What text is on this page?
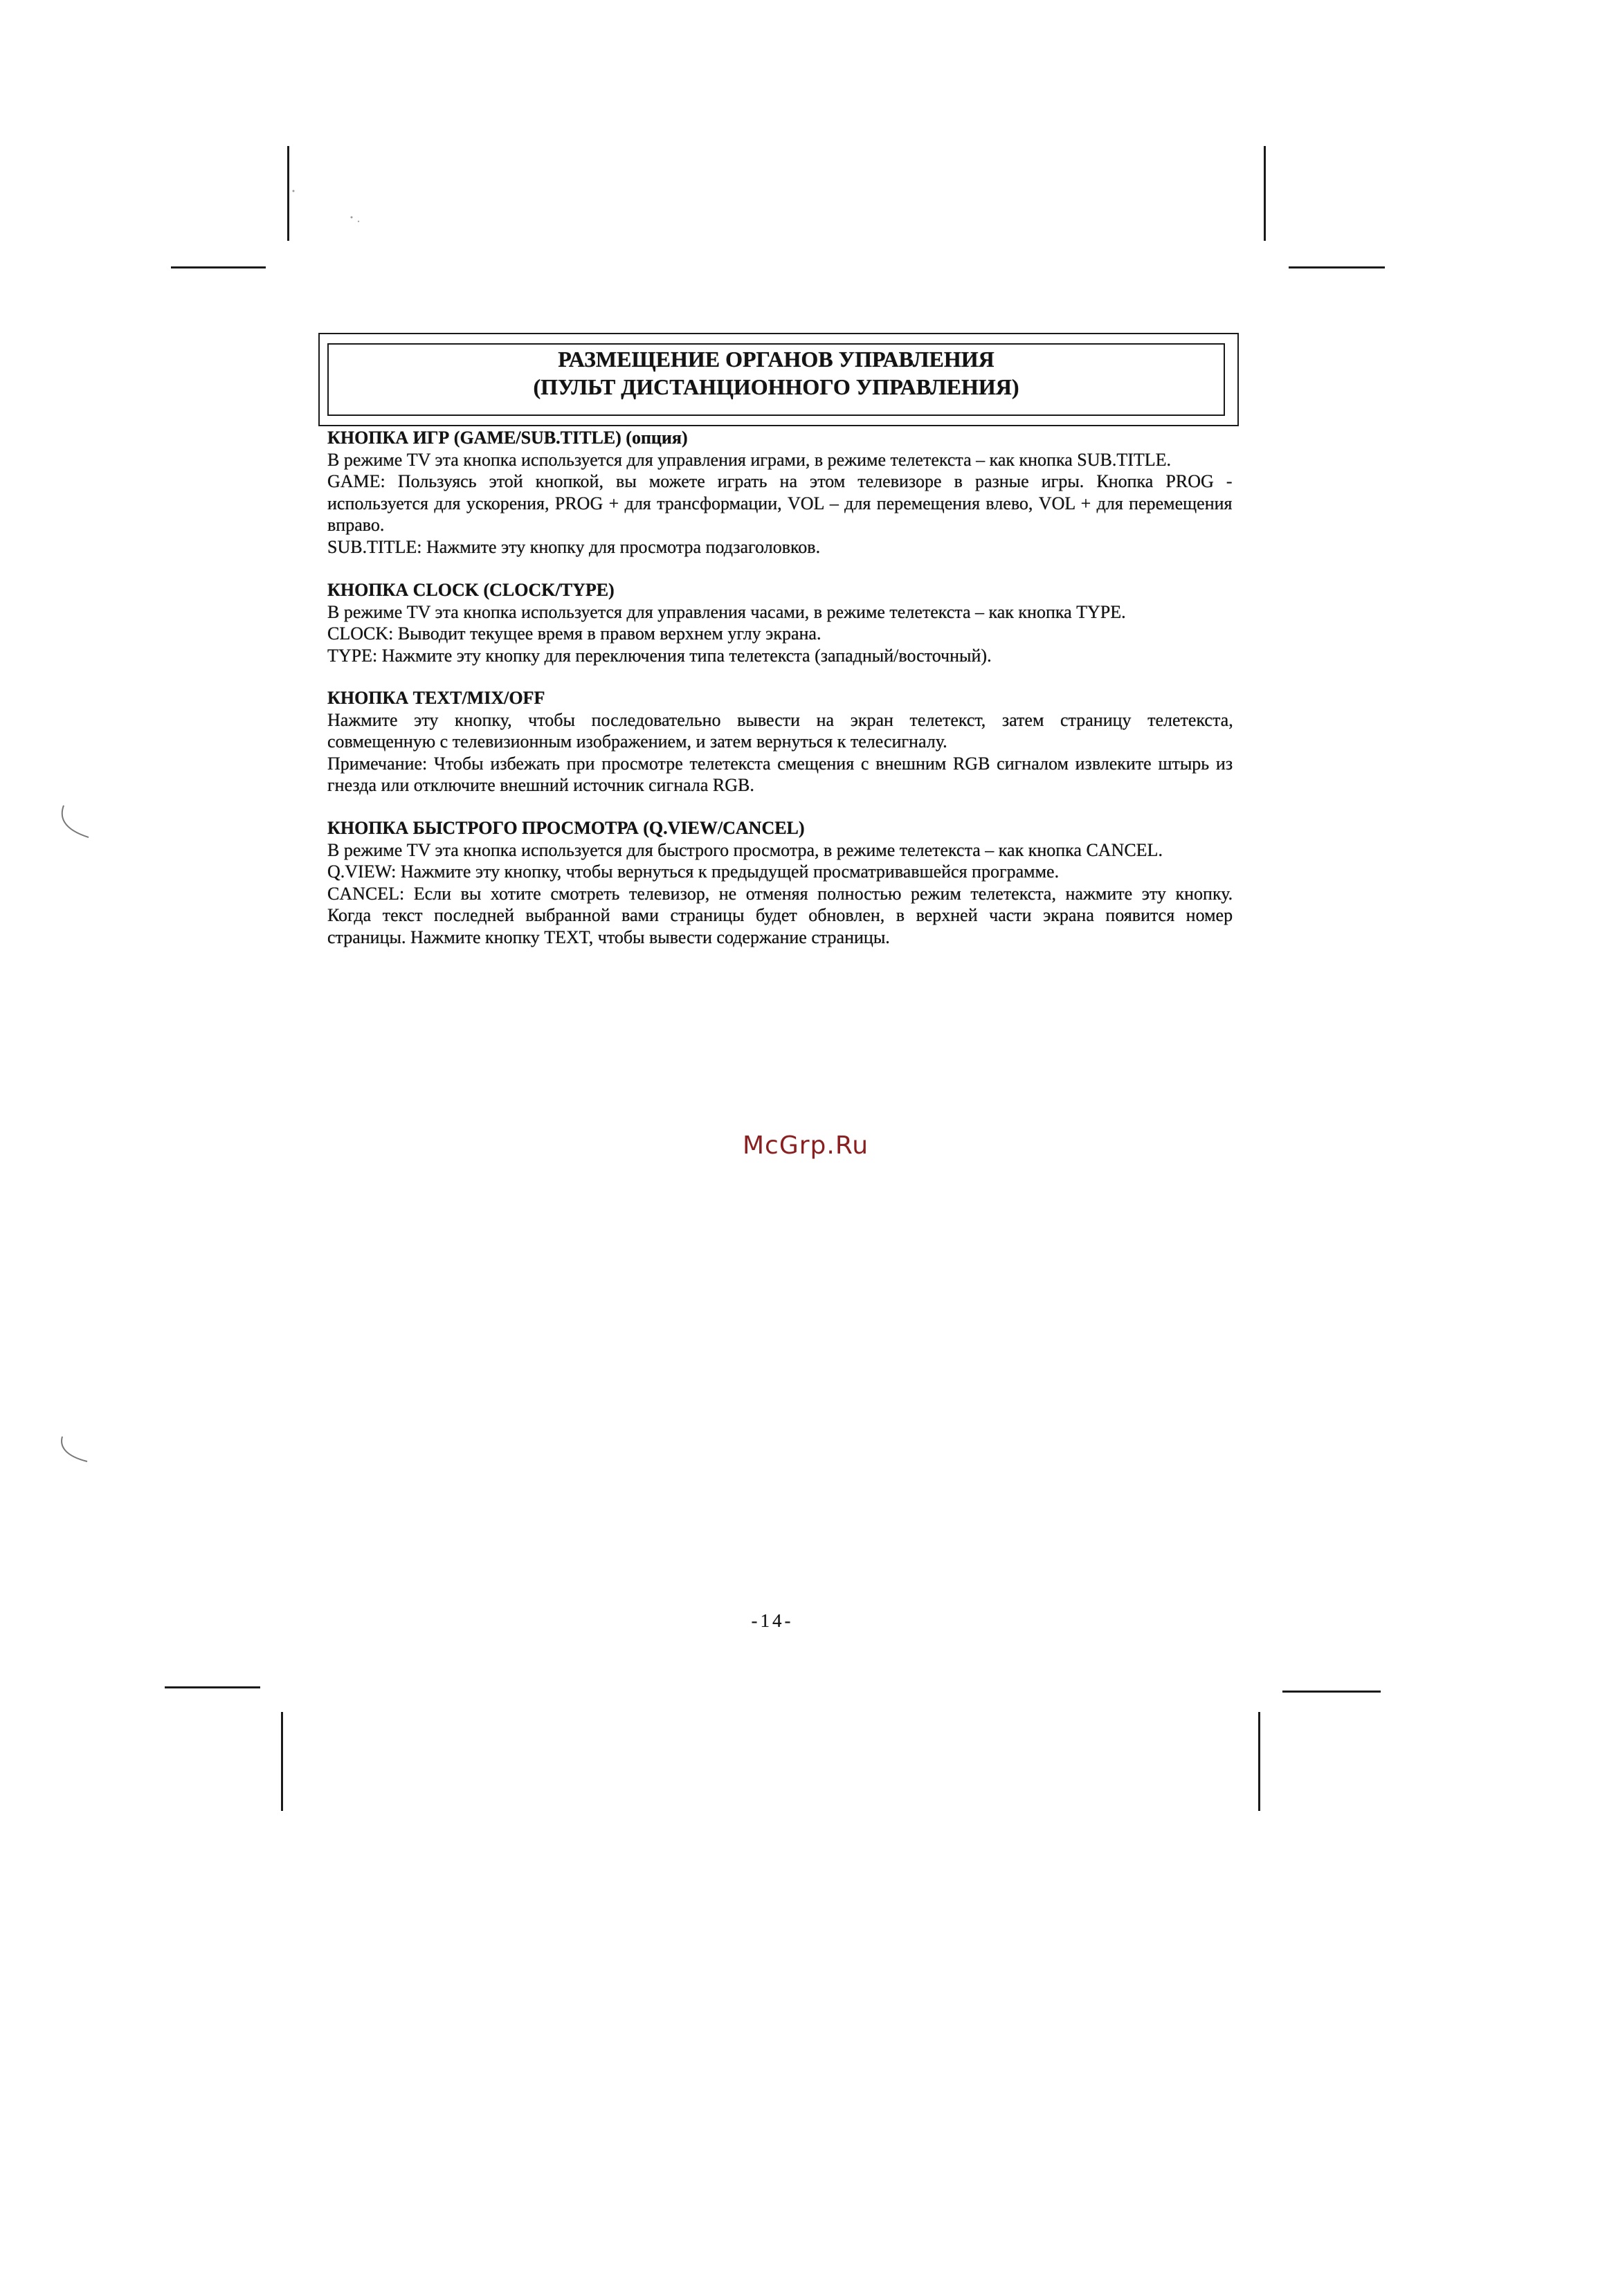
РАЗМЕЩЕНИЕ ОРГАНОВ УПРАВЛЕНИЯ
(ПУЛЬТ ДИСТАНЦИОННОГО УПРАВЛЕНИЯ)
КНОПКА ИГР (GAME/SUB.TITLE) (опция)
В режиме TV эта кнопка используется для управления играми, в режиме телетекста – как кнопка SUB.TITLE.
GAME: Пользуясь этой кнопкой, вы можете играть на этом телевизоре в разные игры. Кнопка PROG -
используется для ускорения, PROG + для трансформации, VOL – для перемещения влево, VOL + для перемещения
вправо.
SUB.TITLE: Нажмите эту кнопку для просмотра подзаголовков.
КНОПКА CLOCK (CLOCK/TYPE)
В режиме TV эта кнопка используется для управления часами, в режиме телетекста – как кнопка TYPE.
CLOCK: Выводит текущее время в правом верхнем углу экрана.
TYPE: Нажмите эту кнопку для переключения типа телетекста (западный/восточный).
КНОПКА TEXT/MIX/OFF
Нажмите эту кнопку, чтобы последовательно вывести на экран телетекст, затем страницу телетекста,
совмещенную с телевизионным изображением, и затем вернуться к телесигналу.
Примечание: Чтобы избежать при просмотре телетекста смещения с внешним RGB сигналом извлеките штырь из
гнезда или отключите внешний источник сигнала RGB.
КНОПКА БЫСТРОГО ПРОСМОТРА (Q.VIEW/CANCEL)
В режиме TV эта кнопка используется для быстрого просмотра, в режиме телетекста – как кнопка CANCEL.
Q.VIEW: Нажмите эту кнопку, чтобы вернуться к предыдущей просматривавшейся программе.
CANCEL: Если вы хотите смотреть телевизор, не отменяя полностью режим телетекста, нажмите эту кнопку.
Когда текст последней выбранной вами страницы будет обновлен, в верхней части экрана появится номер
страницы. Нажмите кнопку TEXT, чтобы вывести содержание страницы.
McGrp.Ru
-14-
